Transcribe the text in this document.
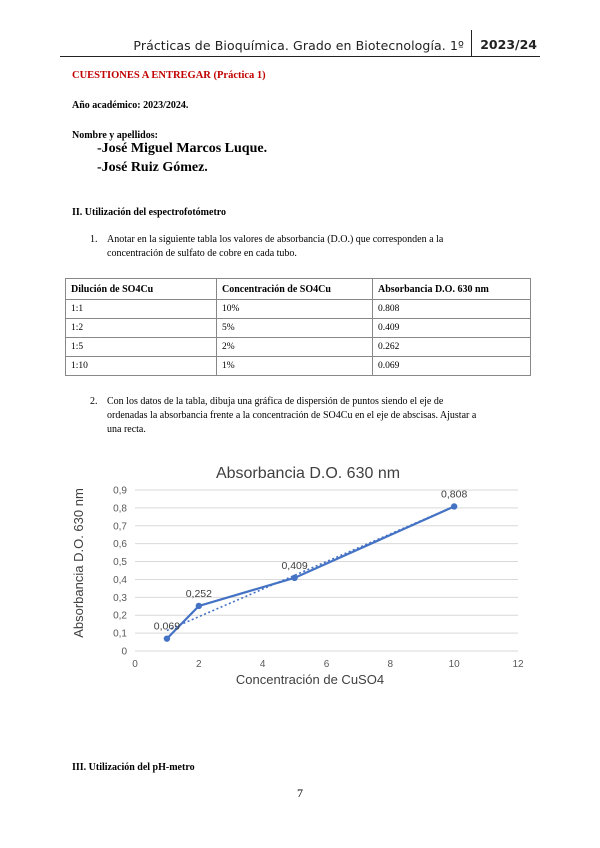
Prácticas de Bioquímica. Grado en Biotecnología. 1º 2023/24
CUESTIONES A ENTREGAR (Práctica 1)
Año académico: 2023/2024.
Nombre y apellidos:
-José Miguel Marcos Luque.
-José Ruiz Gómez.
II. Utilización del espectrofotómetro
1. Anotar en la siguiente tabla los valores de absorbancia (D.O.) que corresponden a la
concentración de sulfato de cobre en cada tubo.
Dilución de SO4Cu	Concentración de SO4Cu	Absorbancia D.O. 630 nm
1:1	10%	0.808
1:2	5%	0.409
1:5	2%	0.262
1:10	1%	0.069
2. Con los datos de la tabla, dibuja una gráfica de dispersión de puntos siendo el eje de
ordenadas la absorbancia frente a la concentración de SO4Cu en el eje de abscisas. Ajustar a
una recta.
Absorbancia D.O. 630 nm
0
0,1
0,2
0,3
0,4
0,5
0,6
0,7
0,8
0,9
0	2	4	6	8	10	12
0,069
0,252
0,409
0,808
Concentración de CuSO4
Absorbancia D.O. 630 nm
III. Utilización del pH-metro
7
